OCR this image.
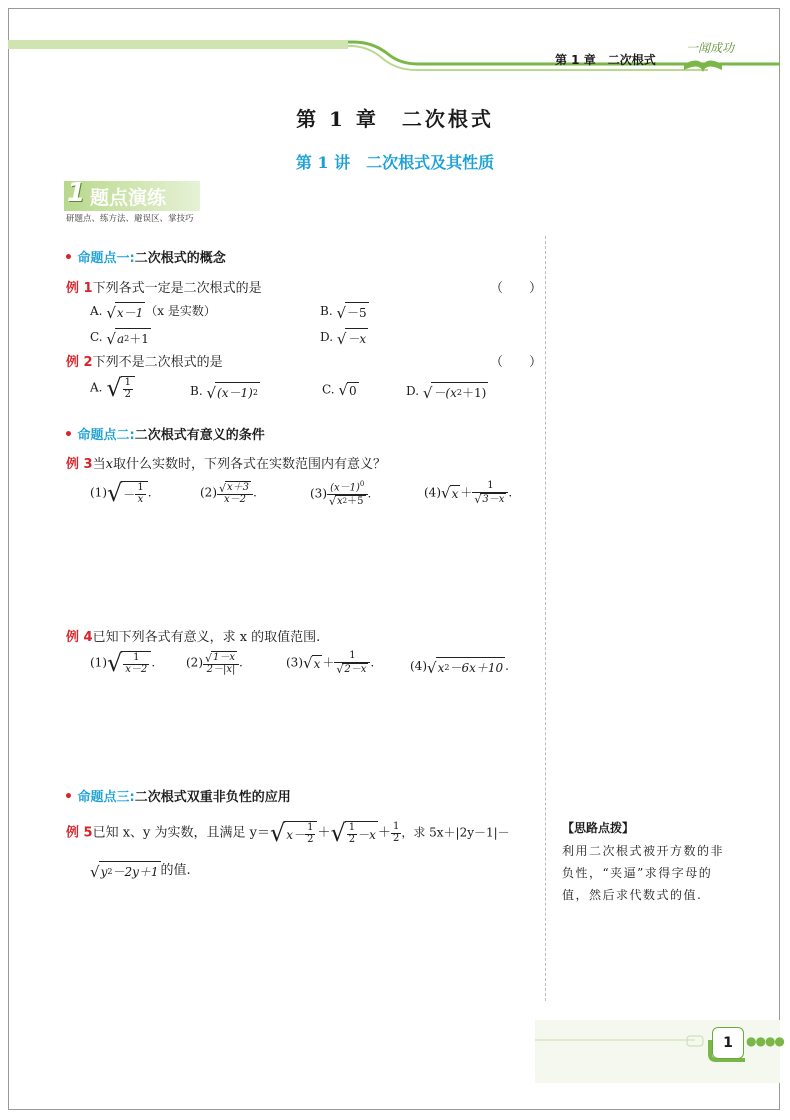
第 1 章　二次根式
一闻成功
第 1 章　二次根式
第 1 讲　二次根式及其性质
1 题点演练
研题点、练方法、避误区、掌技巧
• 命题点一:二次根式的概念
例 1下列各式一定是二次根式的是	（　　）
A. √ x－1 （x 是实数）	B. √ －5
C. √ a 2 ＋1	D. √ －x
例 2下列不是二次根式的是	（　　）
A. √ $\frac{1}{2}$	B. √ (x－1) 2	C. √ 0	D. √ －(x 2 ＋1)
• 命题点二:二次根式有意义的条件
例 3当x取什么实数时，下列各式在实数范围内有意义？
(1) √ － $\frac{1}{x}$ .	$(2) \frac{√ x+3}{x-2}$ .	$(3) \frac{(x-1)^0}{√ x 2 +5}$ .	(4) √ $x + \frac{1}{√ 3-x}$ .
例 4已知下列各式有意义，求 x 的取值范围.
(1) √ $\frac{1}{x-2}$ .	$(2) \frac{√ 1-x}{2-|x|}$ .	(3) √ $x + \frac{1}{√ 2-x}$ .	(4) √ x 2 －6x＋10 .
• 命题点三:二次根式双重非负性的应用
例 5已知 x、y 为实数，且满足 y＝ √ $x- \frac{1}{2}$ ＋ √ $\frac{1}{2} -x + \frac{1}{2}$ ，求 5x＋|2y－1|－
√ y 2 －2y＋1 的值.
【思路点拨】
利用二次根式被开方数的非负性，“夹逼”求得字母的值，然后求代数式的值.
1	●●●●
